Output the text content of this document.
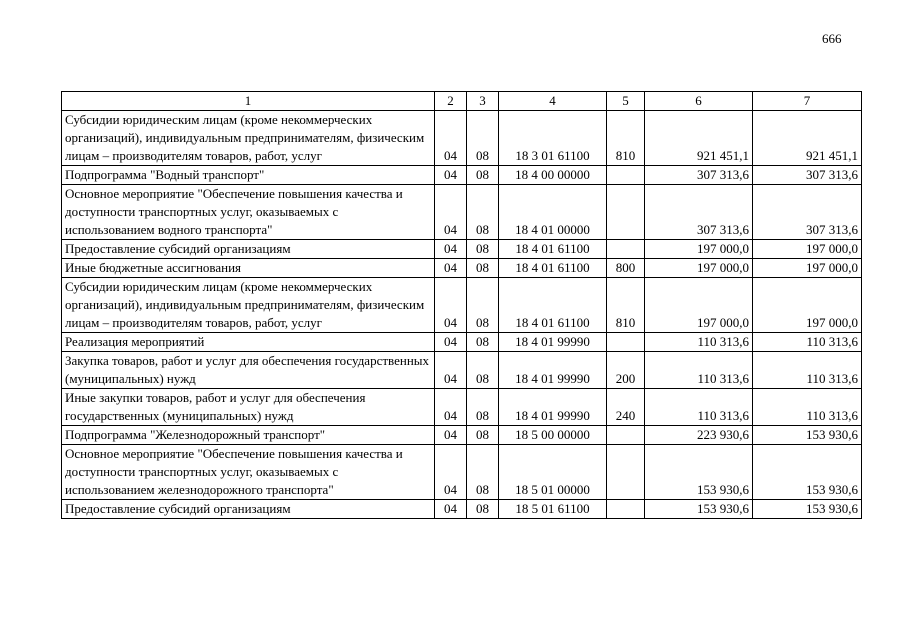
666
1	2	3	4	5	6	7
Субсидии юридическим лицам (кроме некоммерческих организаций), индивидуальным предпринимателям, физическим лицам – производителям товаров, работ, услуг	04	08	18 3 01 61100	810	921 451,1	921 451,1
Подпрограмма "Водный транспорт"	04	08	18 4 00 00000		307 313,6	307 313,6
Основное мероприятие "Обеспечение повышения качества и доступности транспортных услуг, оказываемых с использованием водного транспорта"	04	08	18 4 01 00000		307 313,6	307 313,6
Предоставление субсидий организациям	04	08	18 4 01 61100		197 000,0	197 000,0
Иные бюджетные ассигнования	04	08	18 4 01 61100	800	197 000,0	197 000,0
Субсидии юридическим лицам (кроме некоммерческих организаций), индивидуальным предпринимателям, физическим лицам – производителям товаров, работ, услуг	04	08	18 4 01 61100	810	197 000,0	197 000,0
Реализация мероприятий	04	08	18 4 01 99990		110 313,6	110 313,6
Закупка товаров, работ и услуг для обеспечения государственных (муниципальных) нужд	04	08	18 4 01 99990	200	110 313,6	110 313,6
Иные закупки товаров, работ и услуг для обеспечения государственных (муниципальных) нужд	04	08	18 4 01 99990	240	110 313,6	110 313,6
Подпрограмма "Железнодорожный транспорт"	04	08	18 5 00 00000		223 930,6	153 930,6
Основное мероприятие "Обеспечение повышения качества и доступности транспортных услуг, оказываемых с использованием железнодорожного транспорта"	04	08	18 5 01 00000		153 930,6	153 930,6
Предоставление субсидий организациям	04	08	18 5 01 61100		153 930,6	153 930,6
